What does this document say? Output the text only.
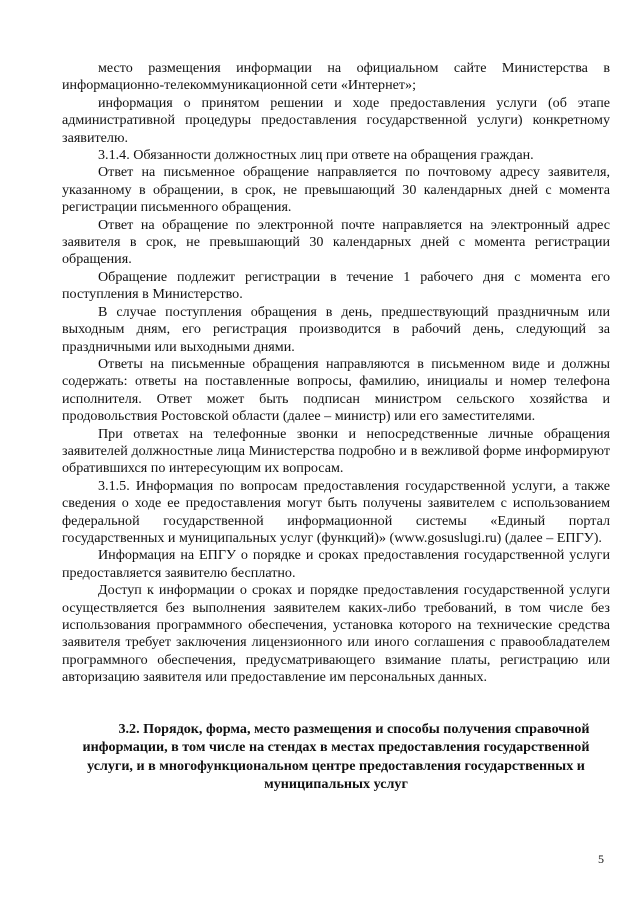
место размещения информации на официальном сайте Министерства в информационно-телекоммуникационной сети «Интернет»;

информация о принятом решении и ходе предоставления услуги (об этапе административной процедуры предоставления государственной услуги) конкретному заявителю.

3.1.4. Обязанности должностных лиц при ответе на обращения граждан.

Ответ на письменное обращение направляется по почтовому адресу заявителя, указанному в обращении, в срок, не превышающий 30 календарных дней с момента регистрации письменного обращения.

Ответ на обращение по электронной почте направляется на электронный адрес заявителя в срок, не превышающий 30 календарных дней с момента регистрации обращения.

Обращение подлежит регистрации в течение 1 рабочего дня с момента его поступления в Министерство.

В случае поступления обращения в день, предшествующий праздничным или выходным дням, его регистрация производится в рабочий день, следующий за праздничными или выходными днями.

Ответы на письменные обращения направляются в письменном виде и должны содержать: ответы на поставленные вопросы, фамилию, инициалы и номер телефона исполнителя. Ответ может быть подписан министром сельского хозяйства и продовольствия Ростовской области (далее – министр) или его заместителями.

При ответах на телефонные звонки и непосредственные личные обращения заявителей должностные лица Министерства подробно и в вежливой форме информируют обратившихся по интересующим их вопросам.

3.1.5. Информация по вопросам предоставления государственной услуги, а также сведения о ходе ее предоставления могут быть получены заявителем с использованием федеральной государственной информационной системы «Единый портал государственных и муниципальных услуг (функций)» (www.gosuslugi.ru) (далее – ЕПГУ).

Информация на ЕПГУ о порядке и сроках предоставления государственной услуги предоставляется заявителю бесплатно.

Доступ к информации о сроках и порядке предоставления государственной услуги осуществляется без выполнения заявителем каких-либо требований, в том числе без использования программного обеспечения, установка которого на технические средства заявителя требует заключения лицензионного или иного соглашения с правообладателем программного обеспечения, предусматривающего взимание платы, регистрацию или авторизацию заявителя или предоставление им персональных данных.

3.2. Порядок, форма, место размещения и способы получения справочной информации, в том числе на стендах в местах предоставления государственной услуги, и в многофункциональном центре предоставления государственных и муниципальных услуг

5
